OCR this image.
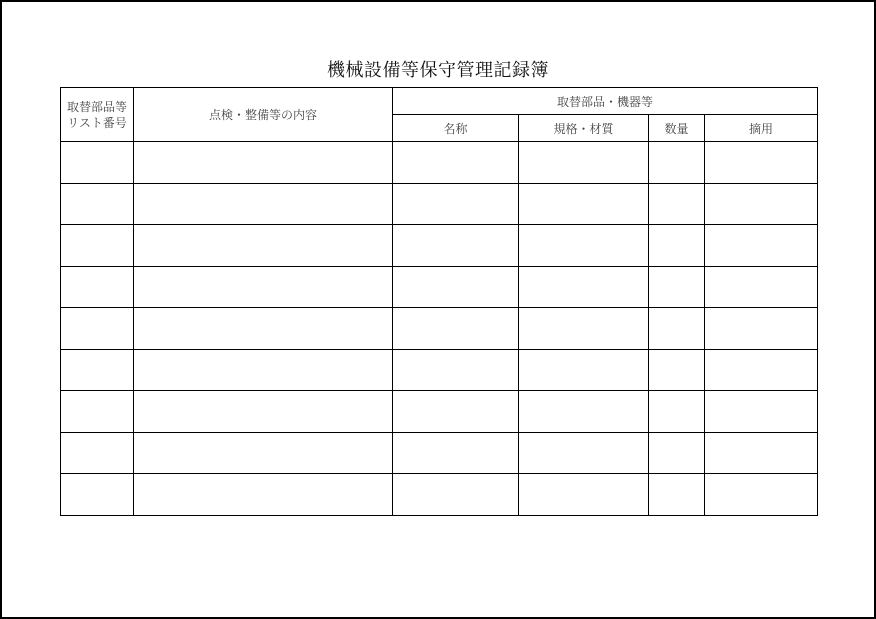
機械設備等保守管理記録簿
取替部品等
リスト番号	点検・整備等の内容	取替部品・機器等			
		名称	規格・材質	数量	摘用
